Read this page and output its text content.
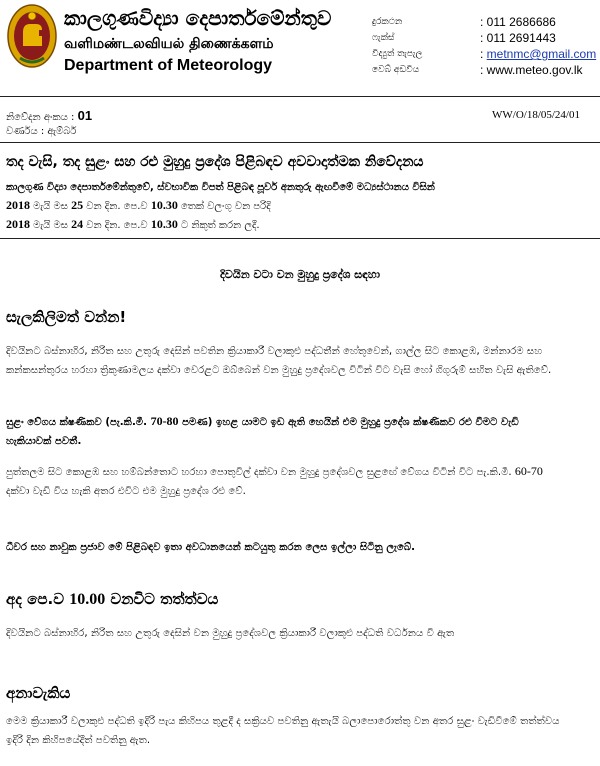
කාලගුණවිද්‍යා දෙපාර්තමේන්තුව
வளிமண்டலவியல் திணைக்களம்
Department of Meteorology
දුරකථන	: 011 2686686
ෆැක්ස්	: 011 2691443
විද්‍යුත් තැපැල	: metnmc@gmail.com
වෙබ් අඩවිය	: www.meteo.gov.lk
නිවේදන අංකය : 01	WW/O/18/05/24/01
වර්ණය : ඇම්බර්
තද වැසි, තද සුළං සහ රළු මුහුදු ප්‍රදේශ පිළිබඳව අවවාදාත්මක නිවේදනය
කාලගුණ විද්‍යා දෙපාර්තමේන්තුවේ, ස්වභාවික විපත් පිළිබඳ පූර්ව අනතුරු ඇඟවීමේ මධ්‍යස්ථානය විසින්
2018 මැයි මස 25 වන දින. පෙ.ව 10.30 තෙක් වලංගු වන පරිදි
2018 මැයි මස 24 වන දින. පෙ.ව 10.30 ට නිකුත් කරන ලදී.
දිවයින වටා වන මුහුදු ප්‍රදේශ සඳහා
සැලකිලිමත් වන්න!
දිවයිනට බස්නාහිර, නිරිත සහ උතුරු දෙසින් පවතින ක්‍රියාකාරී වලාකුළු පද්ධතීන් හේතුවෙන්, ගාල්ල සිට කොළඹ, මන්නාරම සහ කන්කසන්තුරය හරහා ත්‍රිකුණාමලය දක්වා වෙරළට ඔබ්බෙන් වන මුහුදු ප්‍රදේශවල විටින් විට වැසි හෝ ගිගුරුම් සහිත වැසි ඇතිවේ.
සුළං වේගය ක්ෂණිකව (පැ.කි.මී. 70-80 පමණ) ඉහළ යාමට ඉඩ ඇති හෙයින් එම මුහුදු ප්‍රදේශ ක්ෂණිකව රළු වීමට වැඩි හැකියාවක් පවතී.
පුත්තලම සිට කොළඹ සහ හම්බන්තොට හරහා පොතුවිල් දක්වා වන මුහුදු ප්‍රදේශවල සුළඟේ වේගය විටින් විට පැ.කි.මී. 60-70 දක්වා වැඩි විය හැකි අතර එවිට එම මුහුදු ප්‍රදේශ රළු වේ.
ධීවර සහ නාවුක ප්‍රජාව මේ පිළිබඳව ඉතා අවධානයෙන් කටයුතු කරන ලෙස ඉල්ලා සිටිනු ලැබේ.
අද පෙ.ව 10.00 වනවිට තත්ත්වය
දිවයිනට බස්නාහිර, නිරිත සහ උතුරු දෙසින් වන මුහුදු ප්‍රදේශවල ක්‍රියාකාරී වලාකුළු පද්ධති වර්ධනය වී ඇත
අනාවැකිය
මෙම ක්‍රියාකාරී වලාකුළු පද්ධති ඉදිරි පැය කිහිපය තුළදී ද සක්‍රියව පවතිනු ඇතැයි බලාපොරොත්තු වන අතර සුළං වැඩිවීමේ තත්ත්වය ඉදිරි දින කිහිපයේදීත් පවතිනු ඇත.
